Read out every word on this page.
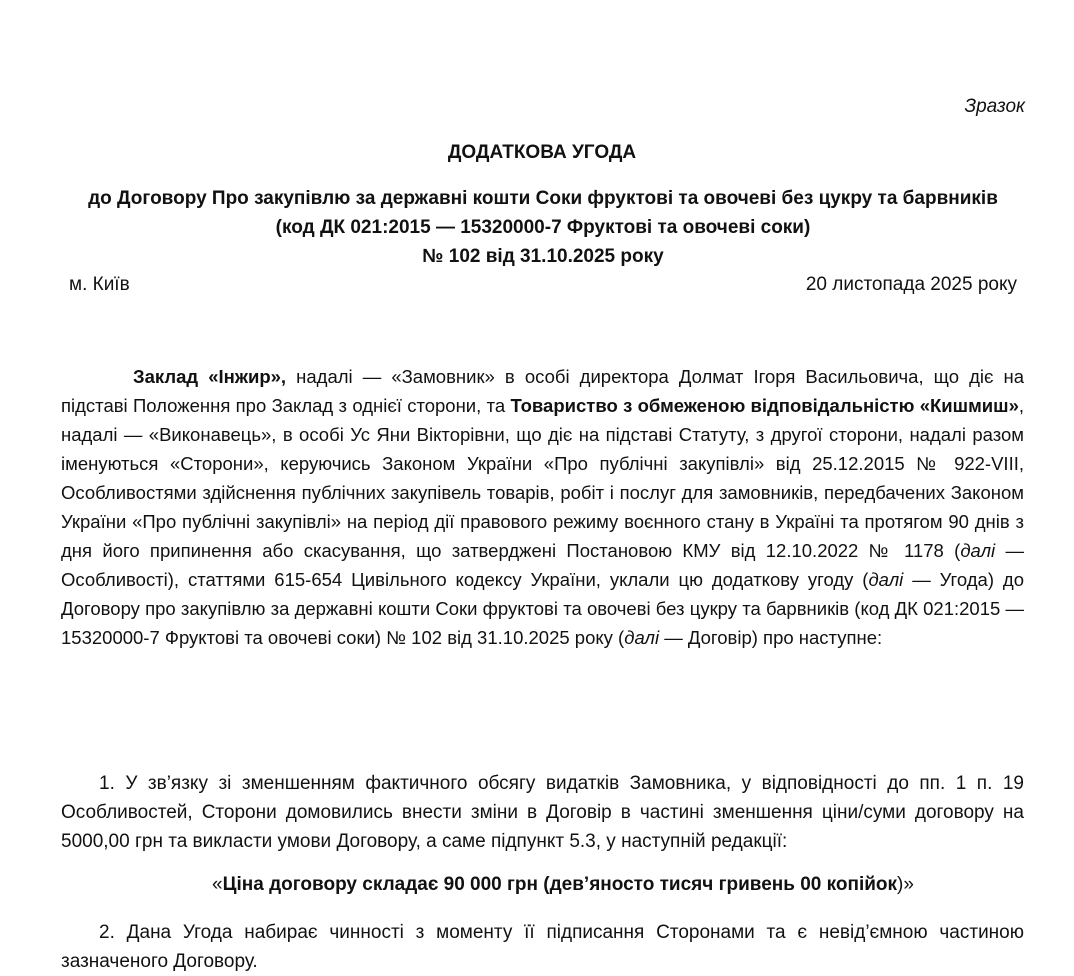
Зразок
ДОДАТКОВА УГОДА
до Договору Про закупівлю за державні кошти Соки фруктові та овочеві без цукру та барвників
(код ДК 021:2015 — 15320000-7 Фруктові та овочеві соки)
№ 102 від 31.10.2025 року
м. Київ	20 листопада 2025 року
Заклад «Інжир», надалі — «Замовник» в особі директора Долмат Ігоря Васильовича, що діє на підставі Положення про Заклад з однієї сторони, та Товариство з обмеженою відповідальністю «Кишмиш», надалі — «Виконавець», в особі Ус Яни Вікторівни, що діє на підставі Статуту, з другої сторони, надалі разом іменуються «Сторони», керуючись Законом України «Про публічні закупівлі» від 25.12.2015 № 922-VIII, Особливостями здійснення публічних закупівель товарів, робіт і послуг для замовників, передбачених Законом України «Про публічні закупівлі» на період дії правового режиму воєнного стану в Україні та протягом 90 днів з дня його припинення або скасування, що затверджені Постановою КМУ від 12.10.2022 № 1178 (далі — Особливості), статтями 615-654 Цивільного кодексу України, уклали цю додаткову угоду (далі — Угода) до Договору про закупівлю за державні кошти Соки фруктові та овочеві без цукру та барвників (код ДК 021:2015 — 15320000-7 Фруктові та овочеві соки) № 102 від 31.10.2025 року (далі — Договір) про наступне:
1. У зв’язку зі зменшенням фактичного обсягу видатків Замовника, у відповідності до пп. 1 п. 19 Особливостей, Сторони домовились внести зміни в Договір в частині зменшення ціни/суми договору на 5000,00 грн та викласти умови Договору, а саме підпункт 5.3, у наступній редакції:
«Ціна договору складає 90 000 грн (дев’яносто тисяч гривень 00 копійок)»
2. Дана Угода набирає чинності з моменту її підписання Сторонами та є невід’ємною частиною зазначеного Договору.
